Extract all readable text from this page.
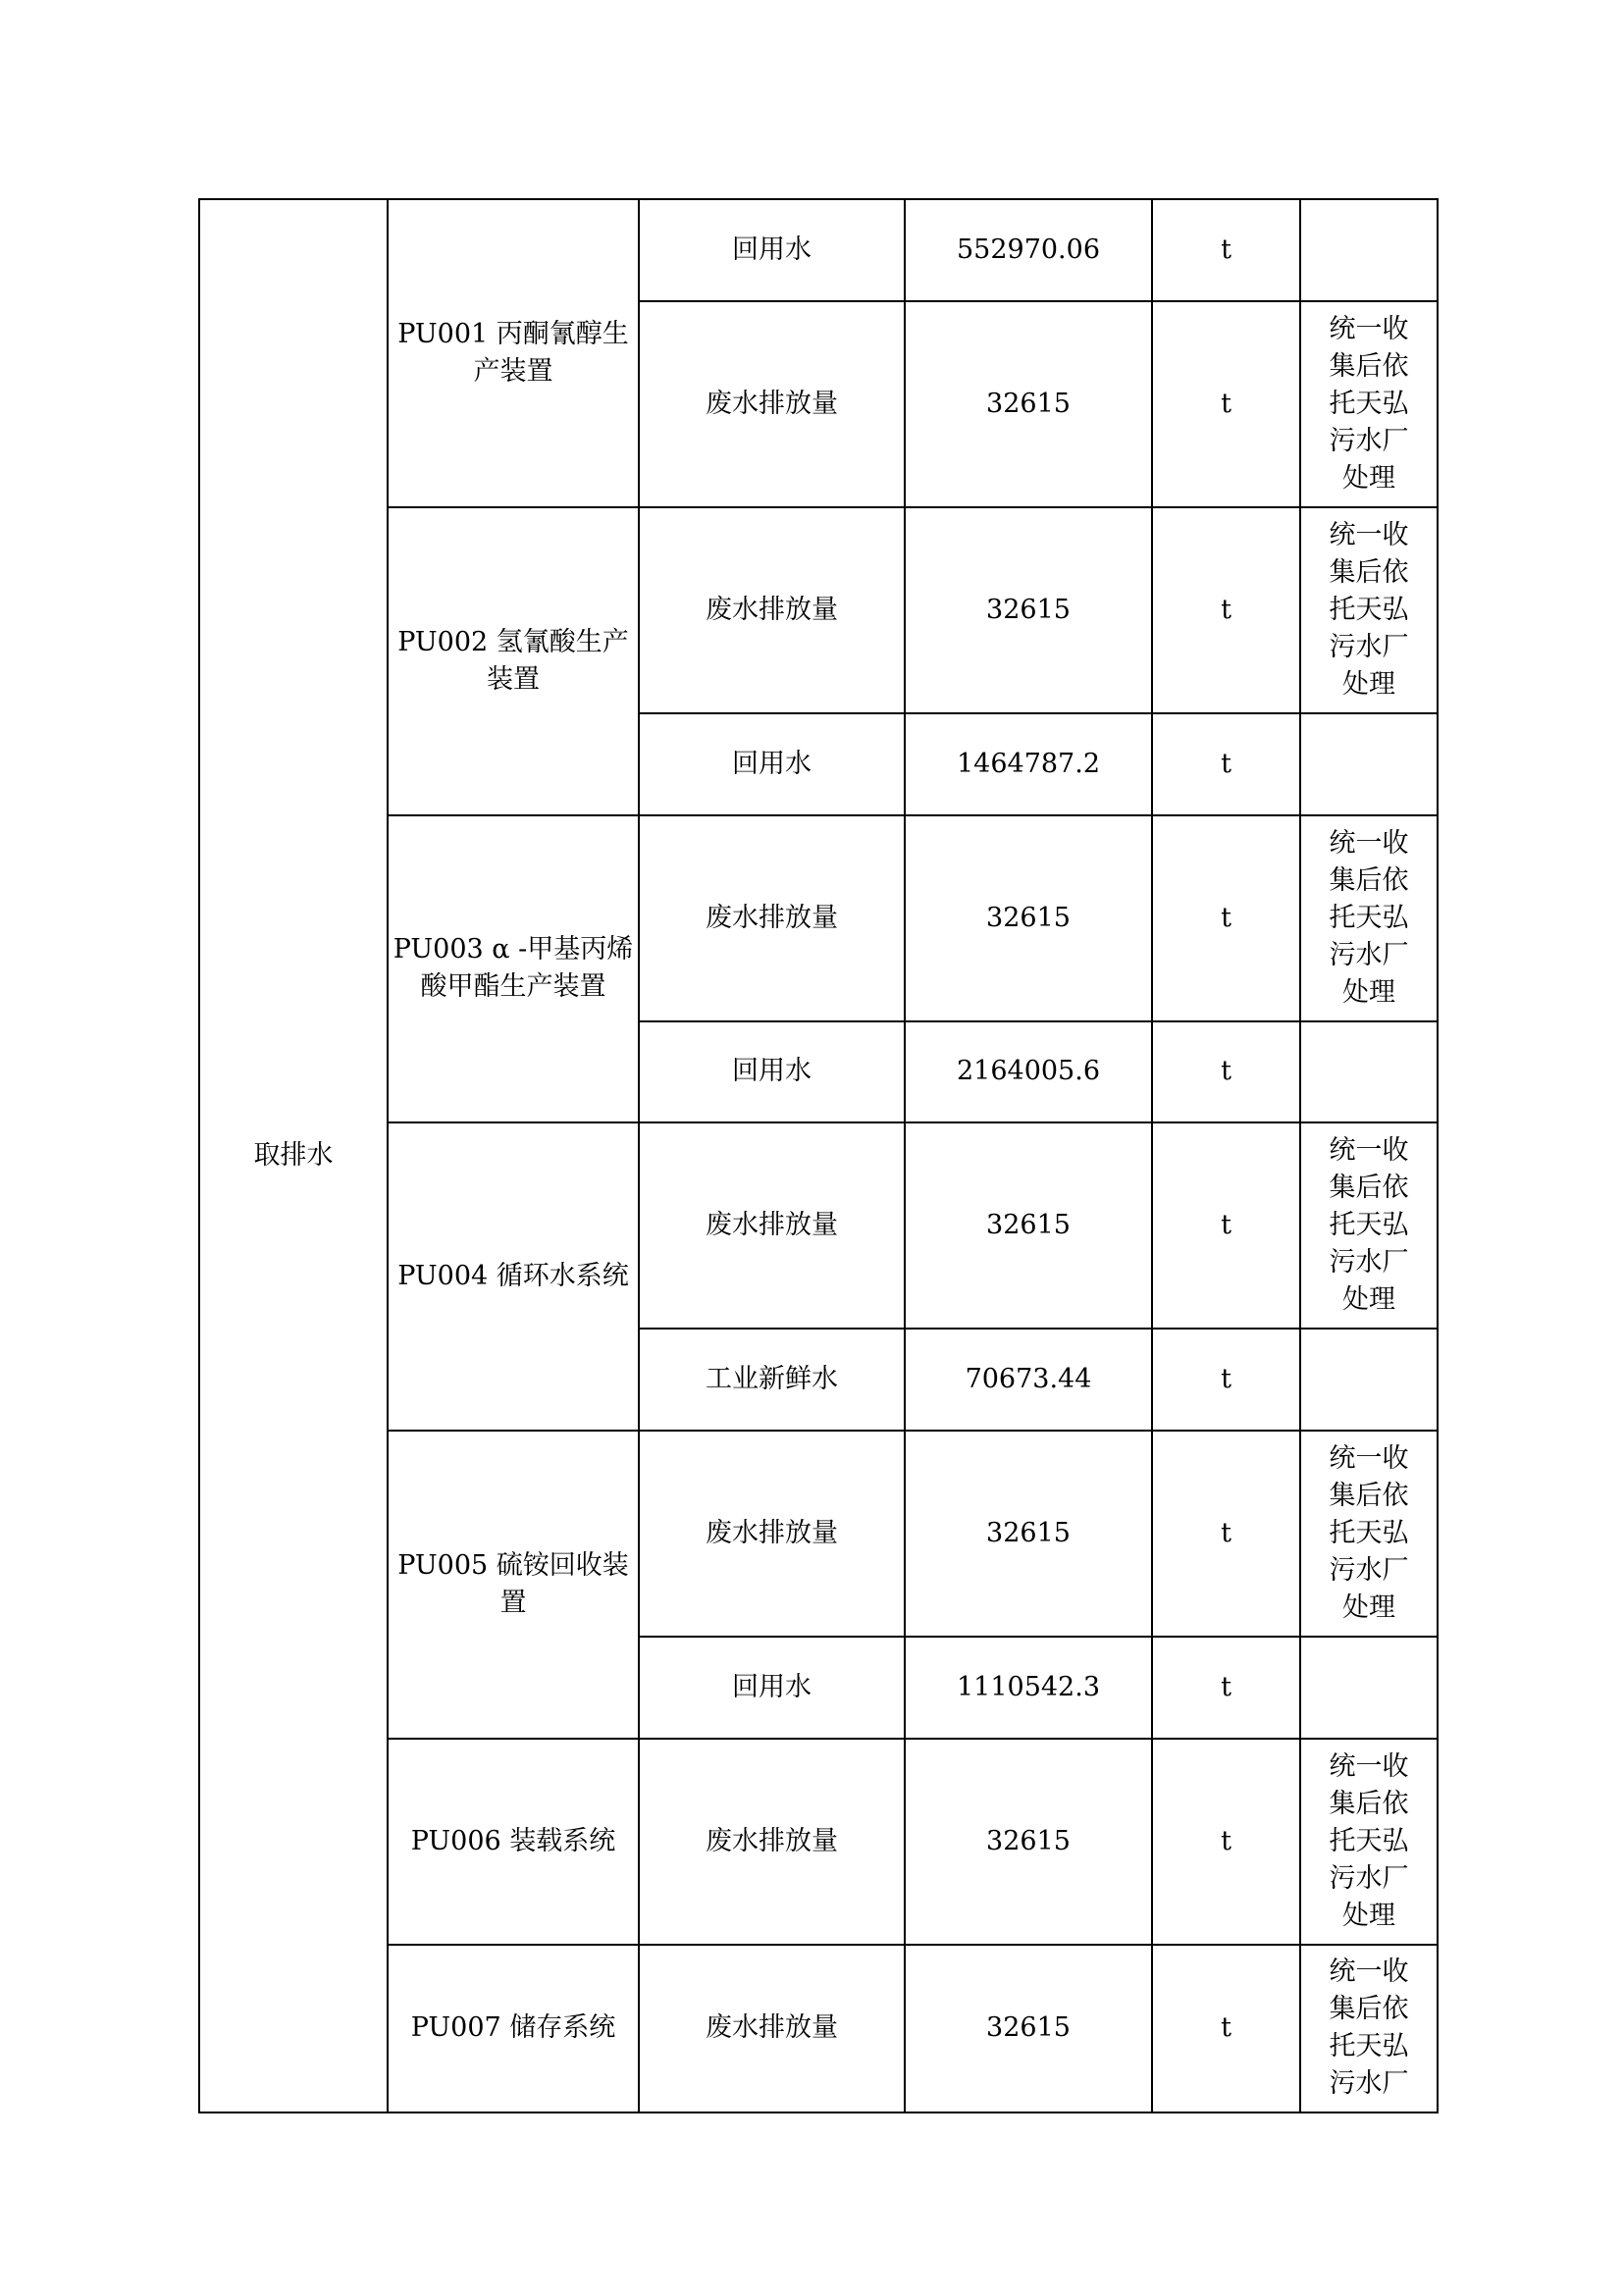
取排水	PU001 丙酮氰醇生
产装置	回用水	552970.06	t	
		废水排放量	32615	t	统一收
集后依
托天弘
污水厂
处理

	PU002 氢氰酸生产
装置	废水排放量	32615	t	统一收
集后依
托天弘
污水厂
处理

		回用水	1464787.2	t	

	PU003 α -甲基丙烯
酸甲酯生产装置	废水排放量	32615	t	统一收
集后依
托天弘
污水厂
处理

		回用水	2164005.6	t	

	PU004 循环水系统	废水排放量	32615	t	统一收
集后依
托天弘
污水厂
处理

		工业新鲜水	70673.44	t	

	PU005 硫铵回收装
置	废水排放量	32615	t	统一收
集后依
托天弘
污水厂
处理

		回用水	1110542.3	t	

	PU006 装载系统	废水排放量	32615	t	统一收
集后依
托天弘
污水厂
处理

	PU007 储存系统	废水排放量	32615	t	统一收
集后依
托天弘
污水厂
